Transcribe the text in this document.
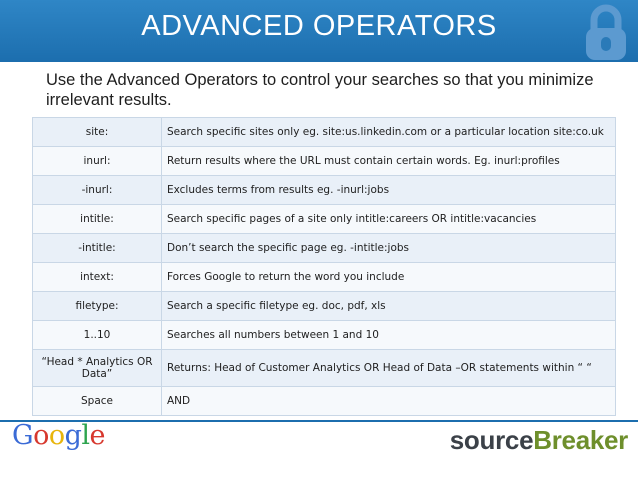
ADVANCED OPERATORS
Use the Advanced Operators to control your searches so that you minimize irrelevant results.
site:	Search specific sites only eg. site:us.linkedin.com or a particular location site:co.uk
inurl:	Return results where the URL must contain certain words. Eg. inurl:profiles
-inurl:	Excludes terms from results eg. -inurl:jobs
intitle:	Search specific pages of a site only intitle:careers OR intitle:vacancies
-intitle:	Don’t search the specific page eg. -intitle:jobs
intext:	Forces Google to return the word you include
filetype:	Search a specific filetype eg. doc, pdf, xls
1..10	Searches all numbers between 1 and 10
“Head * Analytics OR Data”	Returns: Head of Customer Analytics OR Head of Data –OR statements within “ “
Space	AND
Google	sourceBreaker
